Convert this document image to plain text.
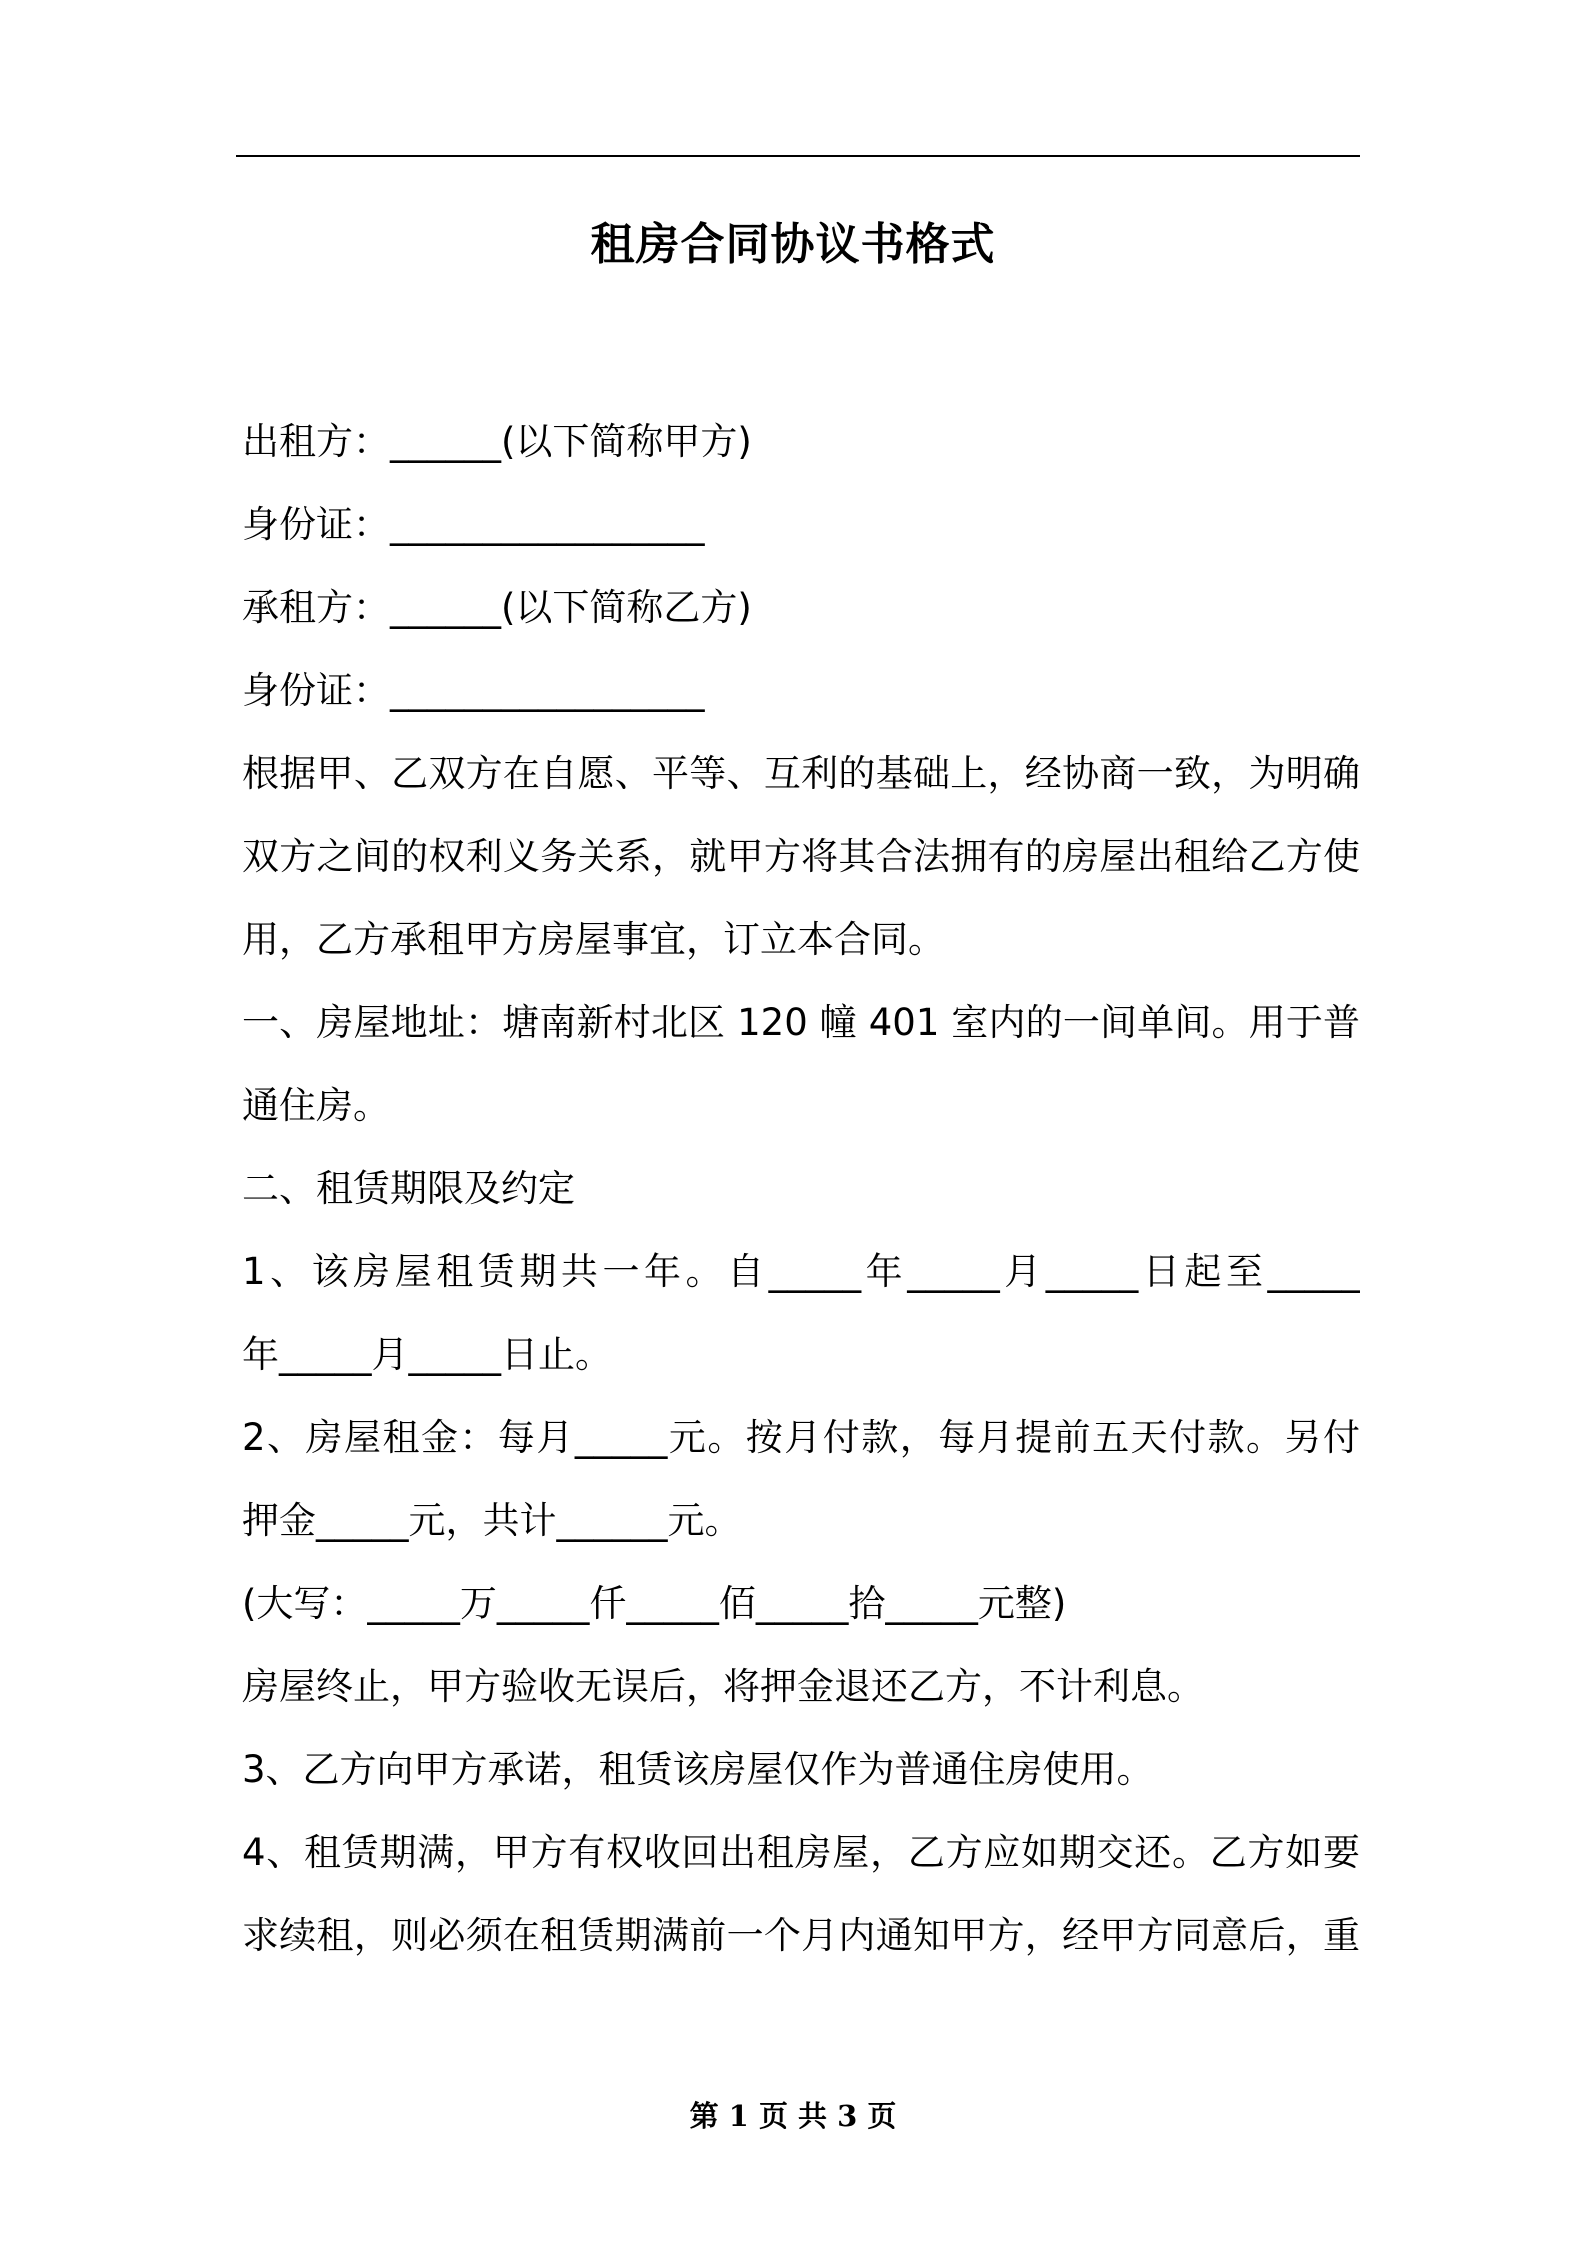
租房合同协议书格式
出租方：______(以下简称甲方)
身份证：_________________
承租方：______(以下简称乙方)
身份证：_________________
根据甲、乙双方在自愿、平等、互利的基础上，经协商一致，为明确
双方之间的权利义务关系，就甲方将其合法拥有的房屋出租给乙方使
用，乙方承租甲方房屋事宜，订立本合同。
一、房屋地址：塘南新村北区 120 幢 401 室内的一间单间。用于普
通住房。
二、租赁期限及约定
1、该房屋租赁期共一年。自_____年_____月_____日起至_____
年_____月_____日止。
2、房屋租金：每月_____元。按月付款，每月提前五天付款。另付
押金_____元，共计______元。
(大写：_____万_____仟_____佰_____拾_____元整)
房屋终止，甲方验收无误后，将押金退还乙方，不计利息。
3、乙方向甲方承诺，租赁该房屋仅作为普通住房使用。
4、租赁期满，甲方有权收回出租房屋，乙方应如期交还。乙方如要
求续租，则必须在租赁期满前一个月内通知甲方，经甲方同意后，重
第 1 页 共 3 页
